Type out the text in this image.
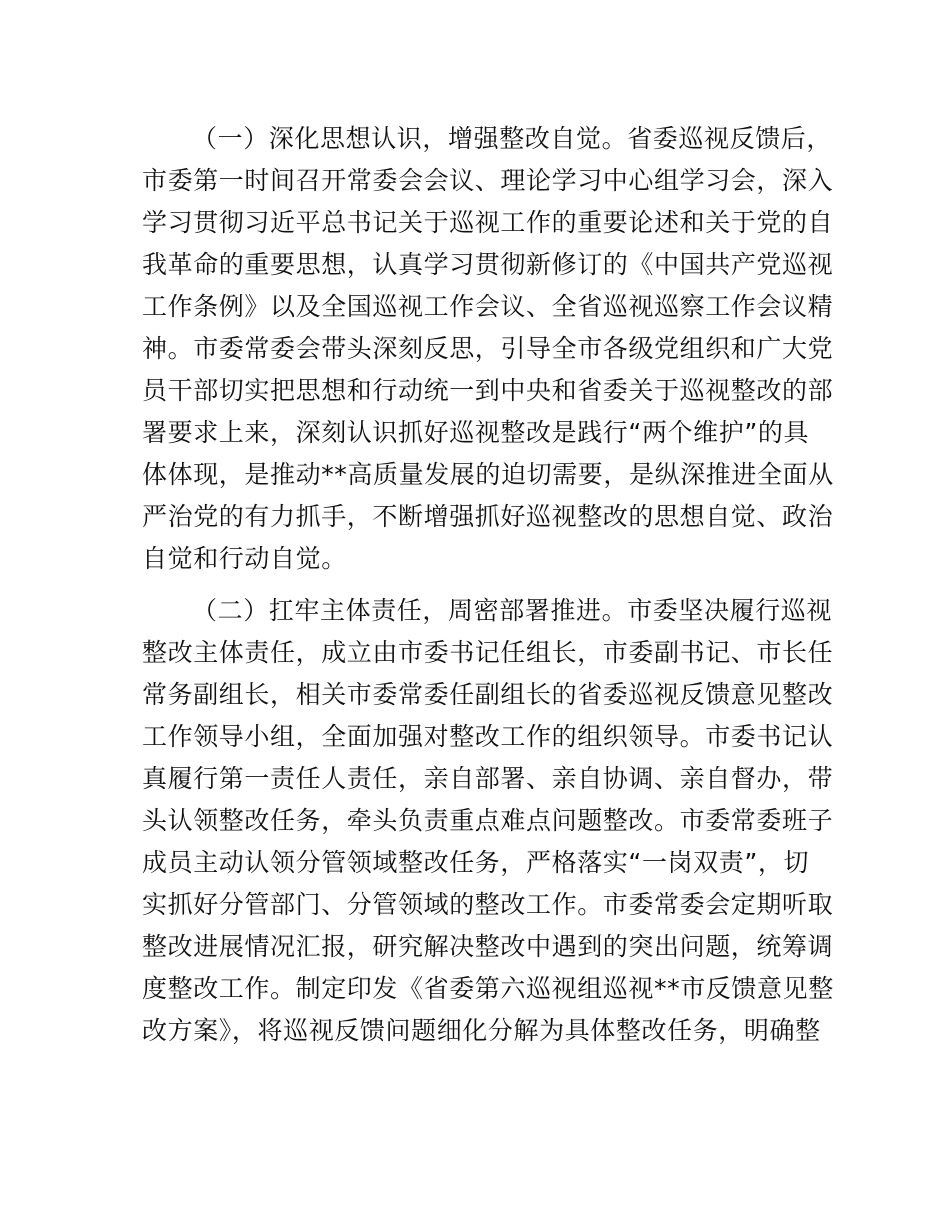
（一）深化思想认识，增强整改自觉。省委巡视反馈后，
市委第一时间召开常委会会议、理论学习中心组学习会，深入
学习贯彻习近平总书记关于巡视工作的重要论述和关于党的自
我革命的重要思想，认真学习贯彻新修订的《中国共产党巡视
工作条例》以及全国巡视工作会议、全省巡视巡察工作会议精
神。市委常委会带头深刻反思，引导全市各级党组织和广大党
员干部切实把思想和行动统一到中央和省委关于巡视整改的部
署要求上来，深刻认识抓好巡视整改是践行“两个维护”的具
体体现，是推动**高质量发展的迫切需要，是纵深推进全面从
严治党的有力抓手，不断增强抓好巡视整改的思想自觉、政治
自觉和行动自觉。

（二）扛牢主体责任，周密部署推进。市委坚决履行巡视
整改主体责任，成立由市委书记任组长，市委副书记、市长任
常务副组长，相关市委常委任副组长的省委巡视反馈意见整改
工作领导小组，全面加强对整改工作的组织领导。市委书记认
真履行第一责任人责任，亲自部署、亲自协调、亲自督办，带
头认领整改任务，牵头负责重点难点问题整改。市委常委班子
成员主动认领分管领域整改任务，严格落实“一岗双责”，切
实抓好分管部门、分管领域的整改工作。市委常委会定期听取
整改进展情况汇报，研究解决整改中遇到的突出问题，统筹调
度整改工作。制定印发《省委第六巡视组巡视**市反馈意见整
改方案》，将巡视反馈问题细化分解为具体整改任务，明确整
